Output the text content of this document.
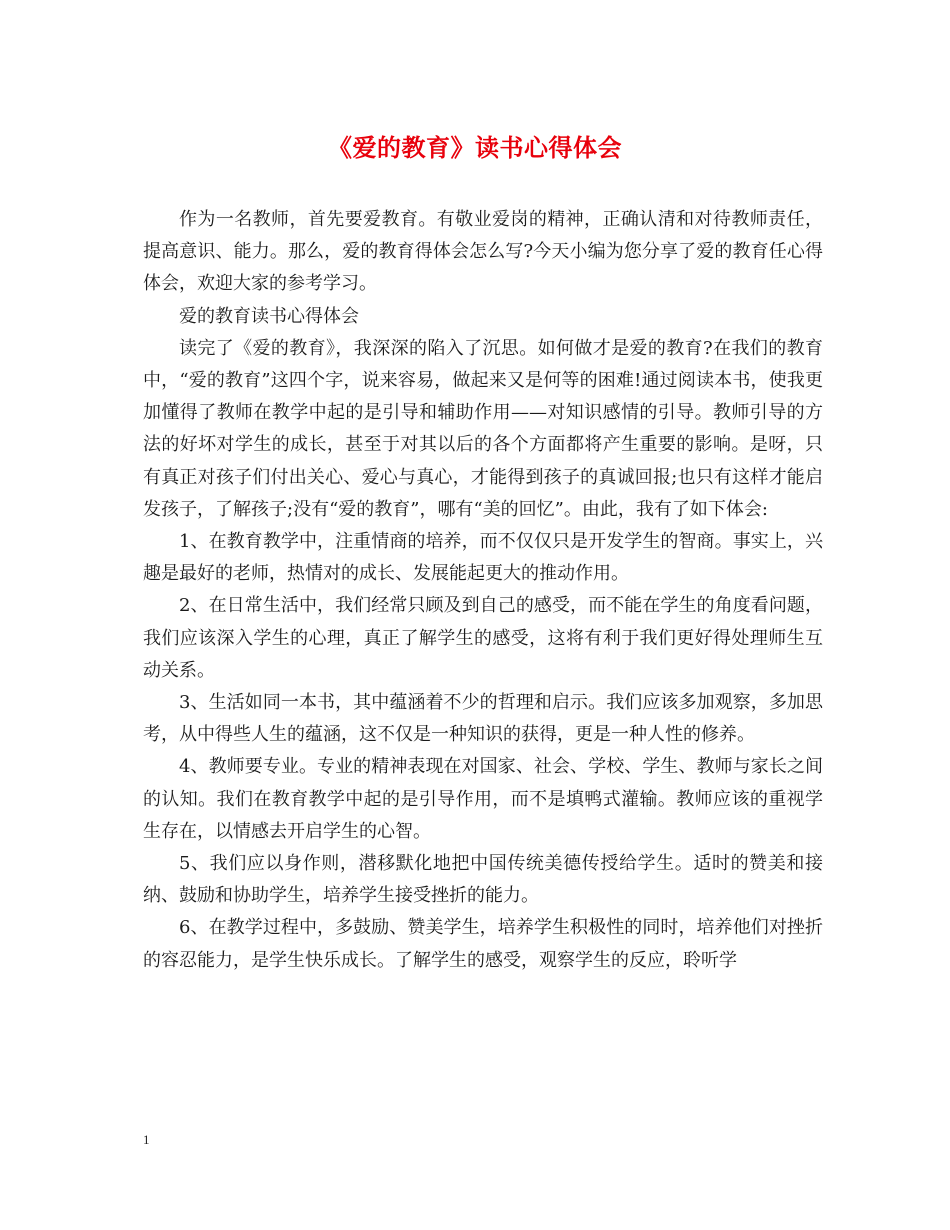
《爱的教育》读书心得体会

作为一名教师，首先要爱教育。有敬业爱岗的精神，正确认清和对待教师责任，提高意识、能力。那么，爱的教育得体会怎么写?今天小编为您分享了爱的教育任心得体会，欢迎大家的参考学习。

爱的教育读书心得体会

读完了《爱的教育》，我深深的陷入了沉思。如何做才是爱的教育?在我们的教育中，“爱的教育”这四个字，说来容易，做起来又是何等的困难!通过阅读本书，使我更加懂得了教师在教学中起的是引导和辅助作用——对知识感情的引导。教师引导的方法的好坏对学生的成长，甚至于对其以后的各个方面都将产生重要的影响。是呀，只有真正对孩子们付出关心、爱心与真心，才能得到孩子的真诚回报;也只有这样才能启发孩子，了解孩子;没有“爱的教育”，哪有“美的回忆”。由此，我有了如下体会:

1、在教育教学中，注重情商的培养，而不仅仅只是开发学生的智商。事实上，兴趣是最好的老师，热情对的成长、发展能起更大的推动作用。

2、在日常生活中，我们经常只顾及到自己的感受，而不能在学生的角度看问题，我们应该深入学生的心理，真正了解学生的感受，这将有利于我们更好得处理师生互动关系。

3、生活如同一本书，其中蕴涵着不少的哲理和启示。我们应该多加观察，多加思考，从中得些人生的蕴涵，这不仅是一种知识的获得，更是一种人性的修养。

4、教师要专业。专业的精神表现在对国家、社会、学校、学生、教师与家长之间的认知。我们在教育教学中起的是引导作用，而不是填鸭式灌输。教师应该的重视学生存在，以情感去开启学生的心智。

5、我们应以身作则，潜移默化地把中国传统美德传授给学生。适时的赞美和接纳、鼓励和协助学生，培养学生接受挫折的能力。

6、在教学过程中，多鼓励、赞美学生，培养学生积极性的同时，培养他们对挫折的容忍能力，是学生快乐成长。了解学生的感受，观察学生的反应，聆听学

1
